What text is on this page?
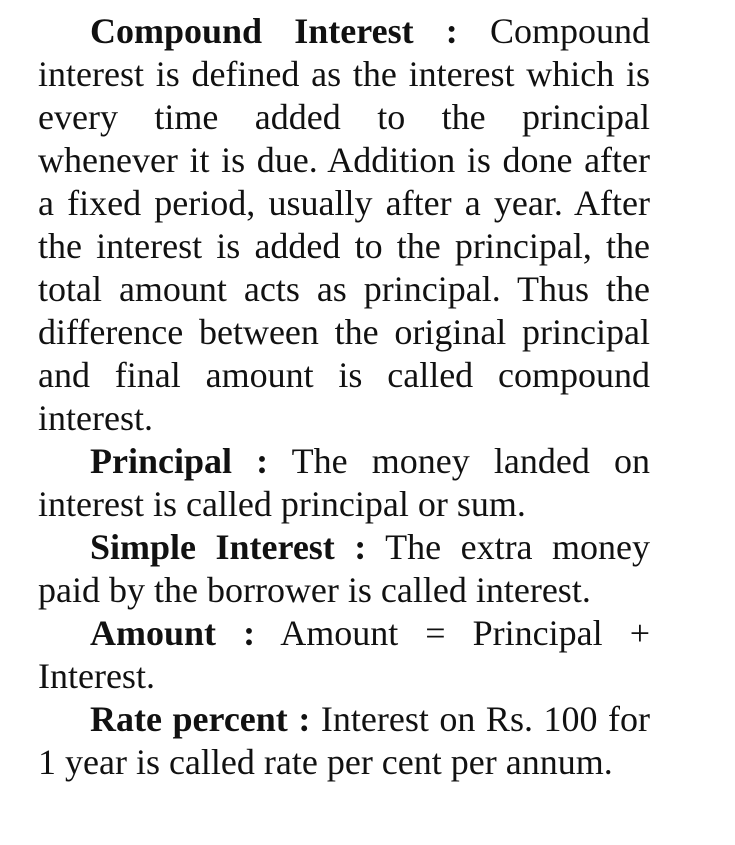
Compound Interest : Compound interest is defined as the interest which is every time added to the principal whenever it is due. Addition is done after a fixed period, usually after a year. After the interest is added to the principal, the total amount acts as principal. Thus the difference between the original principal and final amount is called compound interest.

Principal : The money landed on interest is called principal or sum.

Simple Interest : The extra money paid by the borrower is called interest.

Amount : Amount = Principal + Interest.

Rate percent : Interest on Rs. 100 for 1 year is called rate per cent per annum.
